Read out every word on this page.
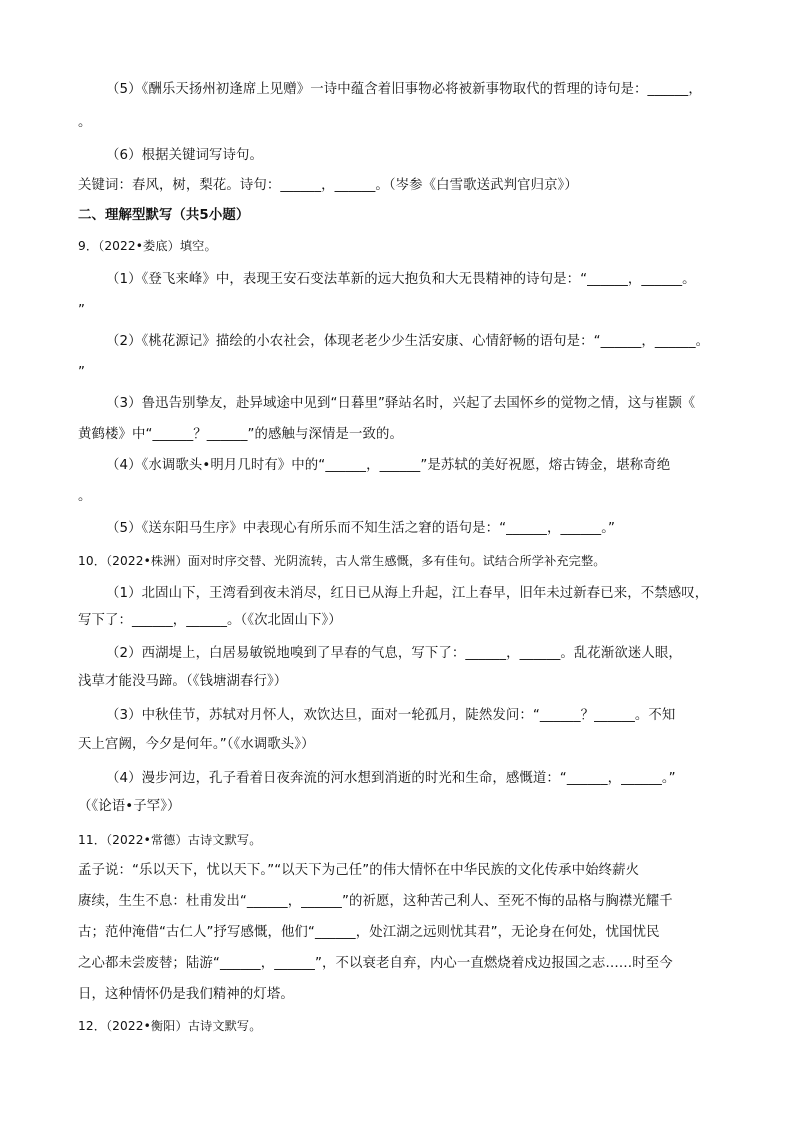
（5）《酬乐天扬州初逢席上见赠》一诗中蕴含着旧事物必将被新事物取代的哲理的诗句是：______，
。
（6）根据关键词写诗句。
关键词：春风，树，梨花。诗句：______，______。（岑参《白雪歌送武判官归京》）
二、理解型默写（共5小题）
9．（2022•娄底）填空。
（1）《登飞来峰》中，表现王安石变法革新的远大抱负和大无畏精神的诗句是：“______，______。
”
（2）《桃花源记》描绘的小农社会，体现老老少少生活安康、心情舒畅的语句是：“______，______。
”
（3）鲁迅告别挚友，赴异域途中见到“日暮里”驿站名时，兴起了去国怀乡的觉物之情，这与崔颢《
黄鹤楼》中“______？______”的感触与深情是一致的。
（4）《水调歌头•明月几时有》中的“______，______”是苏轼的美好祝愿，熔古铸金，堪称奇绝
。
（5）《送东阳马生序》中表现心有所乐而不知生活之窘的语句是：“______，______。”
10．（2022•株洲）面对时序交替、光阴流转，古人常生感慨，多有佳句。试结合所学补充完整。
（1）北固山下，王湾看到夜未消尽，红日已从海上升起，江上春早，旧年未过新春已来，不禁感叹，
写下了：______，______。（《次北固山下》）
（2）西湖堤上，白居易敏锐地嗅到了早春的气息，写下了：______，______。乱花渐欲迷人眼，
浅草才能没马蹄。（《钱塘湖春行》）
（3）中秋佳节，苏轼对月怀人，欢饮达旦，面对一轮孤月，陡然发问：“______？______。不知
天上宫阙，今夕是何年。”（《水调歌头》）
（4）漫步河边，孔子看着日夜奔流的河水想到消逝的时光和生命，感慨道：“______，______。”
（《论语•子罕》）
11．（2022•常德）古诗文默写。
孟子说：“乐以天下，忧以天下。”“以天下为己任”的伟大情怀在中华民族的文化传承中始终薪火
赓续，生生不息：杜甫发出“______，______”的祈愿，这种苦己利人、至死不悔的品格与胸襟光耀千
古；范仲淹借“古仁人”抒写感慨，他们“______，处江湖之远则忧其君”，无论身在何处，忧国忧民
之心都未尝废替；陆游“______，______”，不以衰老自弃，内心一直燃烧着戍边报国之志……时至今
日，这种情怀仍是我们精神的灯塔。
12．（2022•衡阳）古诗文默写。
